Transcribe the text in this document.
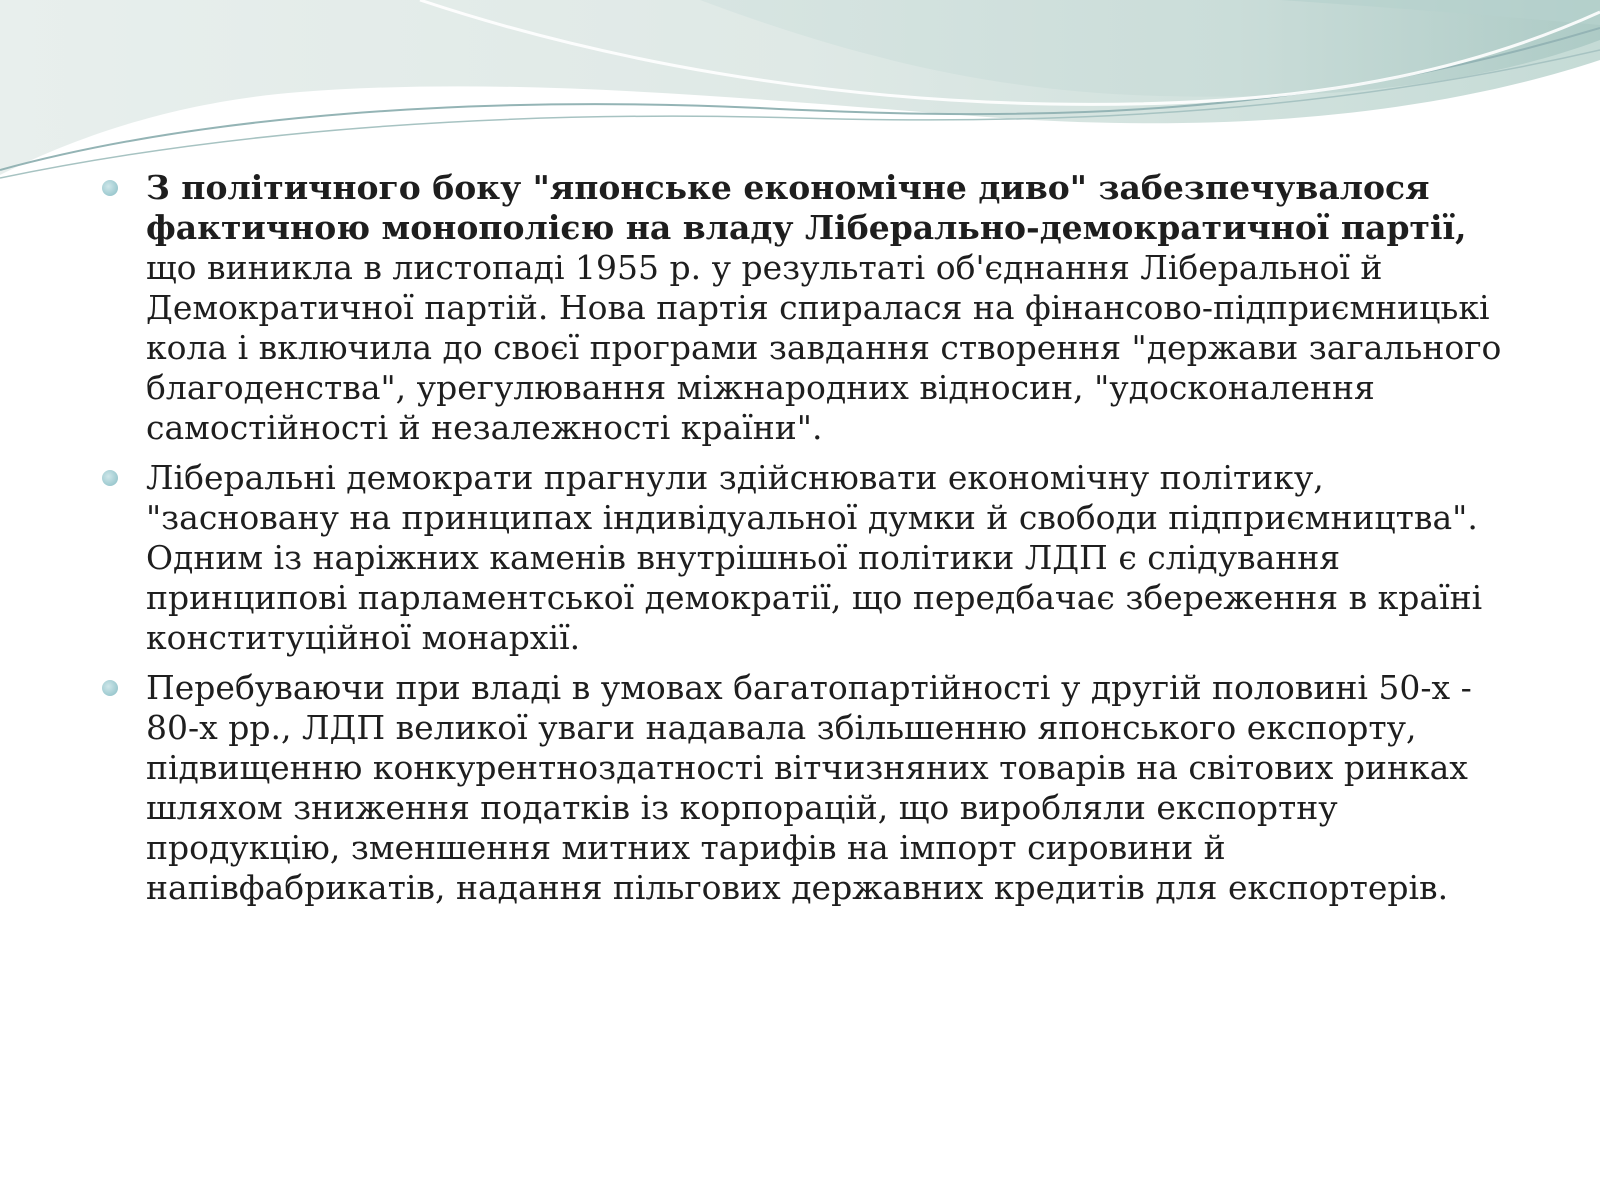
З політичного боку "японське економічне диво" забезпечувалося фактичною монополією на владу Ліберально-демократичної партії, що виникла в листопаді 1955 р. у результаті об'єднання Ліберальної й Демократичної партій. Нова партія спиралася на фінансово-підприємницькі кола і включила до своєї програми завдання створення "держави загального благоденства", урегулювання міжнародних відносин, "удосконалення самостійності й незалежності країни".
Ліберальні демократи прагнули здійснювати економічну політику, "засновану на принципах індивідуальної думки й свободи підприємництва". Одним із наріжних каменів внутрішньої політики ЛДП є слідування принципові парламентської демократії, що передбачає збереження в країні конституційної монархії.
Перебуваючи при владі в умовах багатопартійності у другій половині 50-х - 80-х рр., ЛДП великої уваги надавала збільшенню японського експорту, підвищенню конкурентноздатності вітчизняних товарів на світових ринках шляхом зниження податків із корпорацій, що виробляли експортну продукцію, зменшення митних тарифів на імпорт сировини й напівфабрикатів, надання пільгових державних кредитів для експортерів.
